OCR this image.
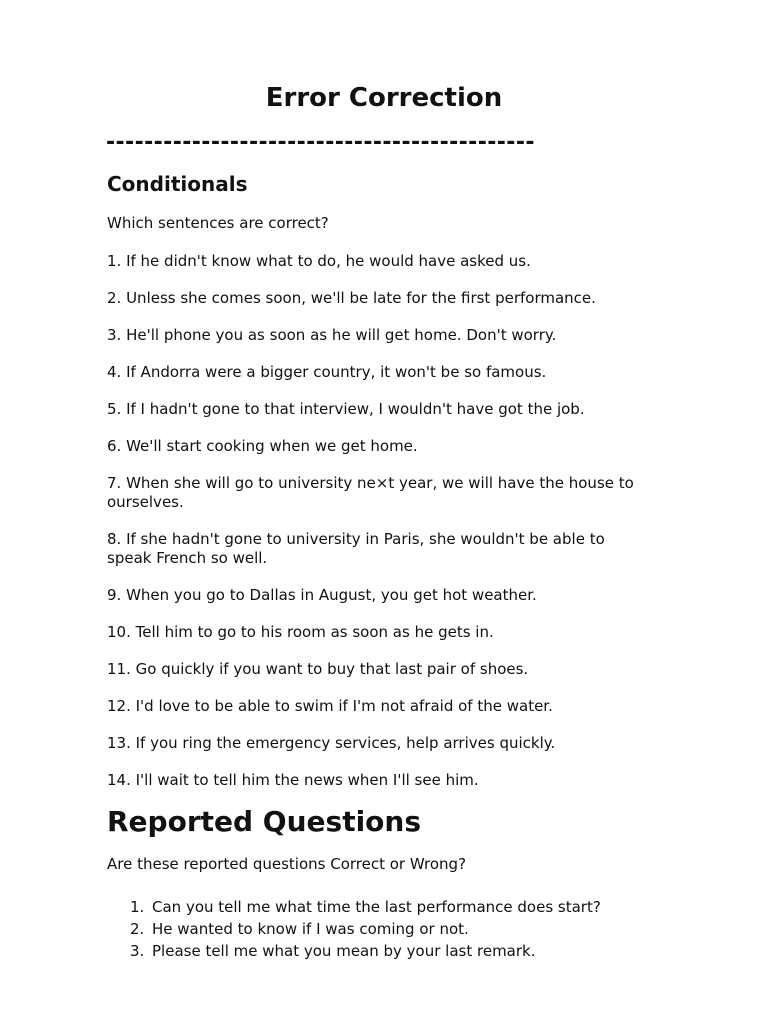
Error Correction

---------------------------------------------

Conditionals

Which sentences are correct?

1. If he didn't know what to do, he would have asked us.

2. Unless she comes soon, we'll be late for the first performance.

3. He'll phone you as soon as he will get home. Don't worry.

4. If Andorra were a bigger country, it won't be so famous.

5. If I hadn't gone to that interview, I wouldn't have got the job.

6. We'll start cooking when we get home.

7. When she will go to university ne×t year, we will have the house to ourselves.

8. If she hadn't gone to university in Paris, she wouldn't be able to speak French so well.

9. When you go to Dallas in August, you get hot weather.

10. Tell him to go to his room as soon as he gets in.

11. Go quickly if you want to buy that last pair of shoes.

12. I'd love to be able to swim if I'm not afraid of the water.

13. If you ring the emergency services, help arrives quickly.

14. I'll wait to tell him the news when I'll see him.

Reported Questions

Are these reported questions Correct or Wrong?

1. Can you tell me what time the last performance does start?
2. He wanted to know if I was coming or not.
3. Please tell me what you mean by your last remark.
